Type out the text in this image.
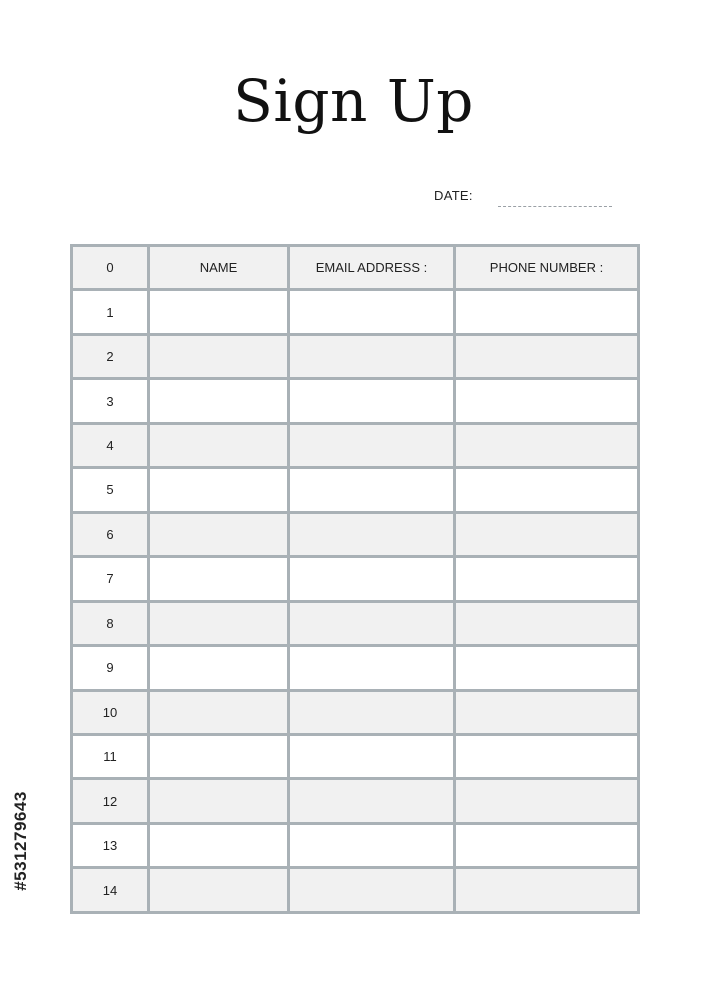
Sign Up
DATE:
0	NAME	EMAIL ADDRESS :	PHONE NUMBER :
1			
2			
3			
4			
5			
6			
7			
8			
9			
10			
11			
12			
13			
14			
#531279643
